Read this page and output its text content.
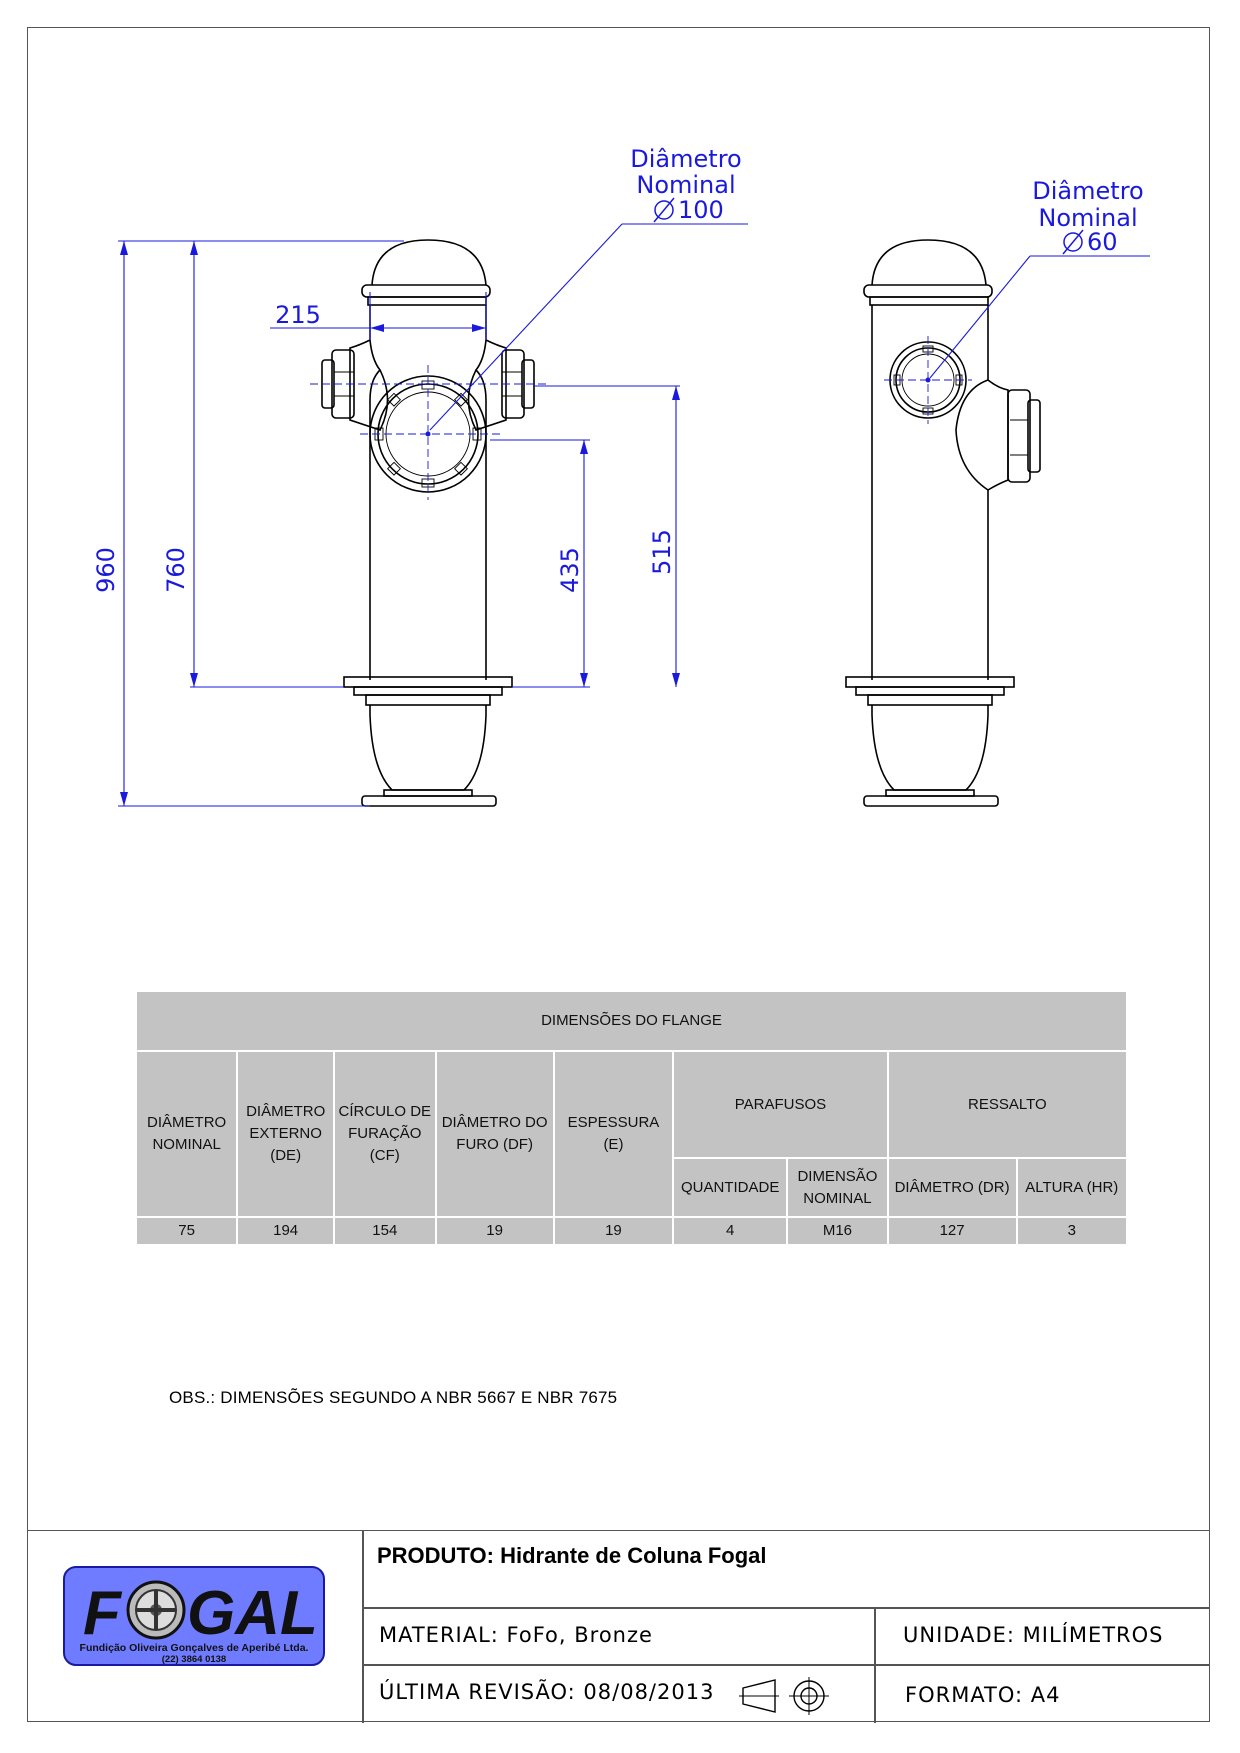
215
960 760	435	515
Diâmetro
Nominal
100
Diâmetro
Nominal
60
DIMENSÕES DO FLANGE								
DIÂMETRO NOMINAL	DIÂMETRO EXTERNO (DE)	CÍRCULO DE FURAÇÃO (CF)	DIÂMETRO DO FURO (DF)	ESPESSURA (E)	PARAFUSOS		RESSALTO	
					QUANTIDADE	DIMENSÃO NOMINAL	DIÂMETRO (DR)	ALTURA (HR)
75	194	154	19	19	4	M16	127	3
OBS.: DIMENSÕES SEGUNDO A NBR 5667 E NBR 7675
PRODUTO: Hidrante de Coluna Fogal
MATERIAL: FoFo, Bronze	UNIDADE: MILÍMETROS
ÚLTIMA REVISÃO: 08/08/2013	FORMATO: A4
F GAL
Fundição Oliveira Gonçalves de Aperibé Ltda.
(22) 3864 0138
